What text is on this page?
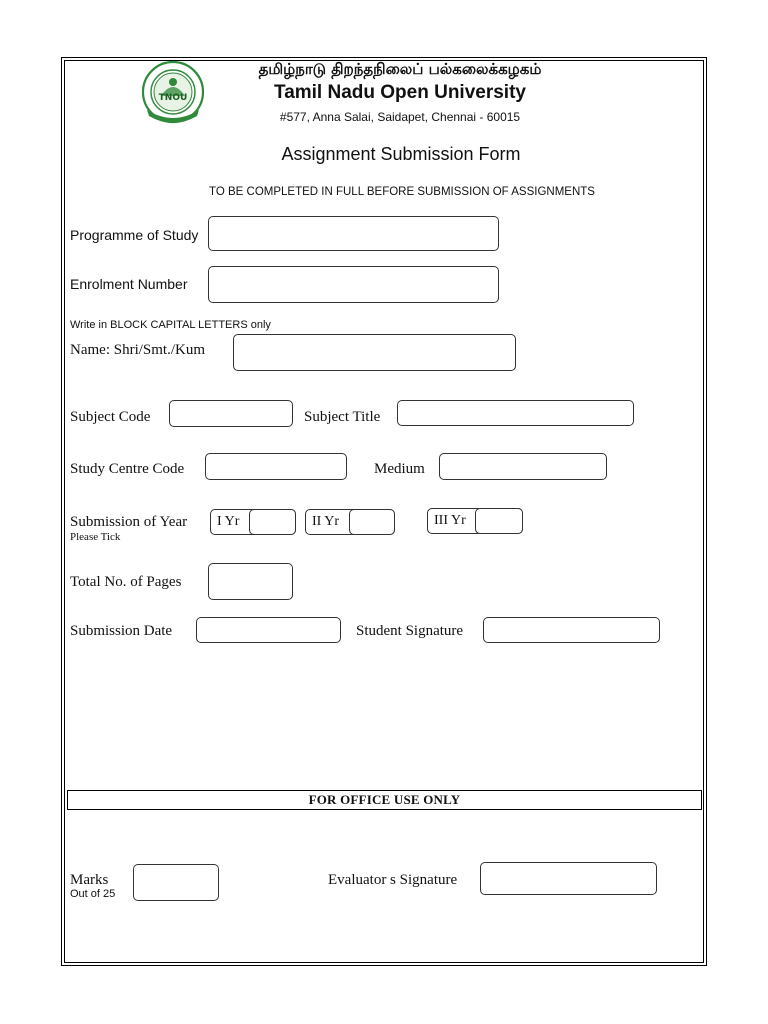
TNOU
தமிழ்நாடு திறந்தநிலைப் பல்கலைக்கழகம்
Tamil Nadu Open University
#577, Anna Salai, Saidapet, Chennai - 60015
Assignment Submission Form
TO BE COMPLETED IN FULL BEFORE SUBMISSION OF ASSIGNMENTS
Programme of Study
Enrolment Number
Write in BLOCK CAPITAL LETTERS only
Name: Shri/Smt./Kum
Subject Code	Subject Title
Study Centre Code	Medium
Submission of Year
Please Tick
I Yr	II Yr	III Yr
Total No. of Pages
Submission Date	Student Signature
FOR OFFICE USE ONLY
Marks
Out of 25
Evaluator s Signature
